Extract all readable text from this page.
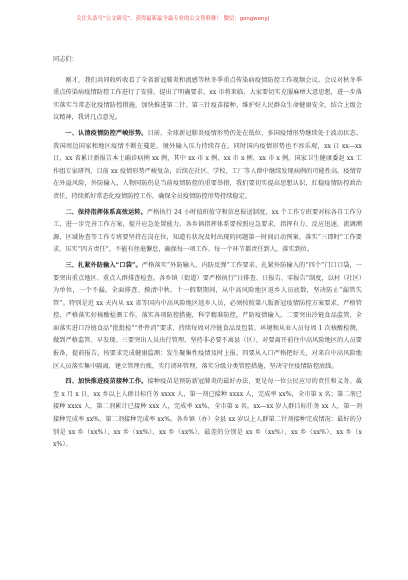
关注头条号“公文研究”，获得最新最全最专业的公文资料排！ 微信：gongwenyj

同志们：

刚才，我们共同收听收看了全省新冠肺炎和流感等秋冬季重点传染病疫情防控工作视频会议。会议对秋冬季重点传染病疫情防控工作进行了安排，提出了明确要求，xx 市将来临，大家要切实克服麻痹大意思想，进一步落实落实当常态化疫情防控措施，加快推进第二针、第三针疫苗接种，维护好人民群众生命健康安全，结合上级会议精神，我讲几点意见。

一、认清疫情防控严峻形势。目前，全球新冠肺炎疫情形势仍处在低位，多国疫情形势继续处于波动状态。我国周边国家和地区疫情不断在蔓延，境外输入压力持续存在。同时国内疫情形势也不容乐观，xx 日 xx—xx 日，xx 省累计新报告本土确诊病例 xx 例，其中 xx 市 x 例、xx 市 x 例、xx 市 x 例。国家卫生健康委赵 xx 工作组专家研判，目前 xx 疫情形势严峻复杂，后续在社区、学校、工厂等人群中继续发现病例的可能性高。疫情存在外溢风险，外防输入，人物同防仍是当前疫情防控的重要举措，我们要切实提高思想认识，扛稳疫情防控政治责任，持续抓好常态化疫情防控工作，确保全员疫情防控形势持续稳定。

二、保持指挥体系高效运转。严格执行 24 小时值班值守和信息报送制度，xx 个工作专班要对标各自工作分工，进一步完善工作方案，提升应急处置能力。各乡镇指挥体系要按照应急要求，指挥有力、反应迅速，流调溯源、区域协查等工作专班要坚持在岗在位，知道有状况及时出现的问题第一时间启动预案，落实“三即时”工作要求，压实“四方责任”，不能有丝毫懈怠，确保每一项工作、每一个环节都责任到人，落实到位。

三、扎紧外防输入“口袋”。严格落实“外防输入、内防反弹”工作要求，扎紧外防输入的“四个”门口口袋，一要突出重点地区、重点人群排查检查。各乡镇（街道）要严格执行“日排查、日报告、零报告”制度，以村（社区）为单位，一个不漏，全面排查、摸清中秋、十一假期期间，从中高风险地区返乡人员底数，坚决防止“漏管失管”。特别是近 xx 天内从 xx 省等国内中高风险地区返乡人员，必须按照第八版新冠疫情防控方案要求，严格管控，严格落实好核酸检测工作，落实各项防控措施，科学精准防控，严防疫情输入。二要突出冷链食品监管，全面落实进口冷链食品“批批检”“件件消”要求，持续每周对冷链食品及包装、环境和从业人员每周 1 次核酸检测，做到严格监管、早发现。三要突出人员出行管理，坚持非必要不离县（区），对要离开前往中高风险地区的人员要报备，提前报告，按要求完成健康监测；发生聚集性疫情及时上报。四要从入口严格把好关，对来自中高风险地区人员落实集中隔离，建立管理台账，实行闭环管理，落实分级分类管控措施，坚决守住疫情防控底线。

四、加快推进疫苗接种工作。接种疫苗是预防新冠肺炎的最好办法，更是每一位公民应尽的责任和义务。截至 x 月 x 日，xx 乡以上人群目标任务 xxxx 人，第一剂已接种 xxxx 人，完成率 xx%，全市第 x 名；第二剂已接种 xxxx 人，第二剂累计已接种 xxx 人，完成率 xx%，全市第 x 名。xx—xx 岁人群目标任务 xx 人，第一剂接种完成率 xx%，第二剂接种完成率 xx%。各乡镇（办）全县 xx 岁以上人群第二针剂接种完成情况：最好的分别是 xx 乡（xx%）、xx 乡（xx%）、xx 乡（xx%），最差的分别是 xx 乡（xx%）、xx 乡（xx%）、xx 乡（xx%）。
